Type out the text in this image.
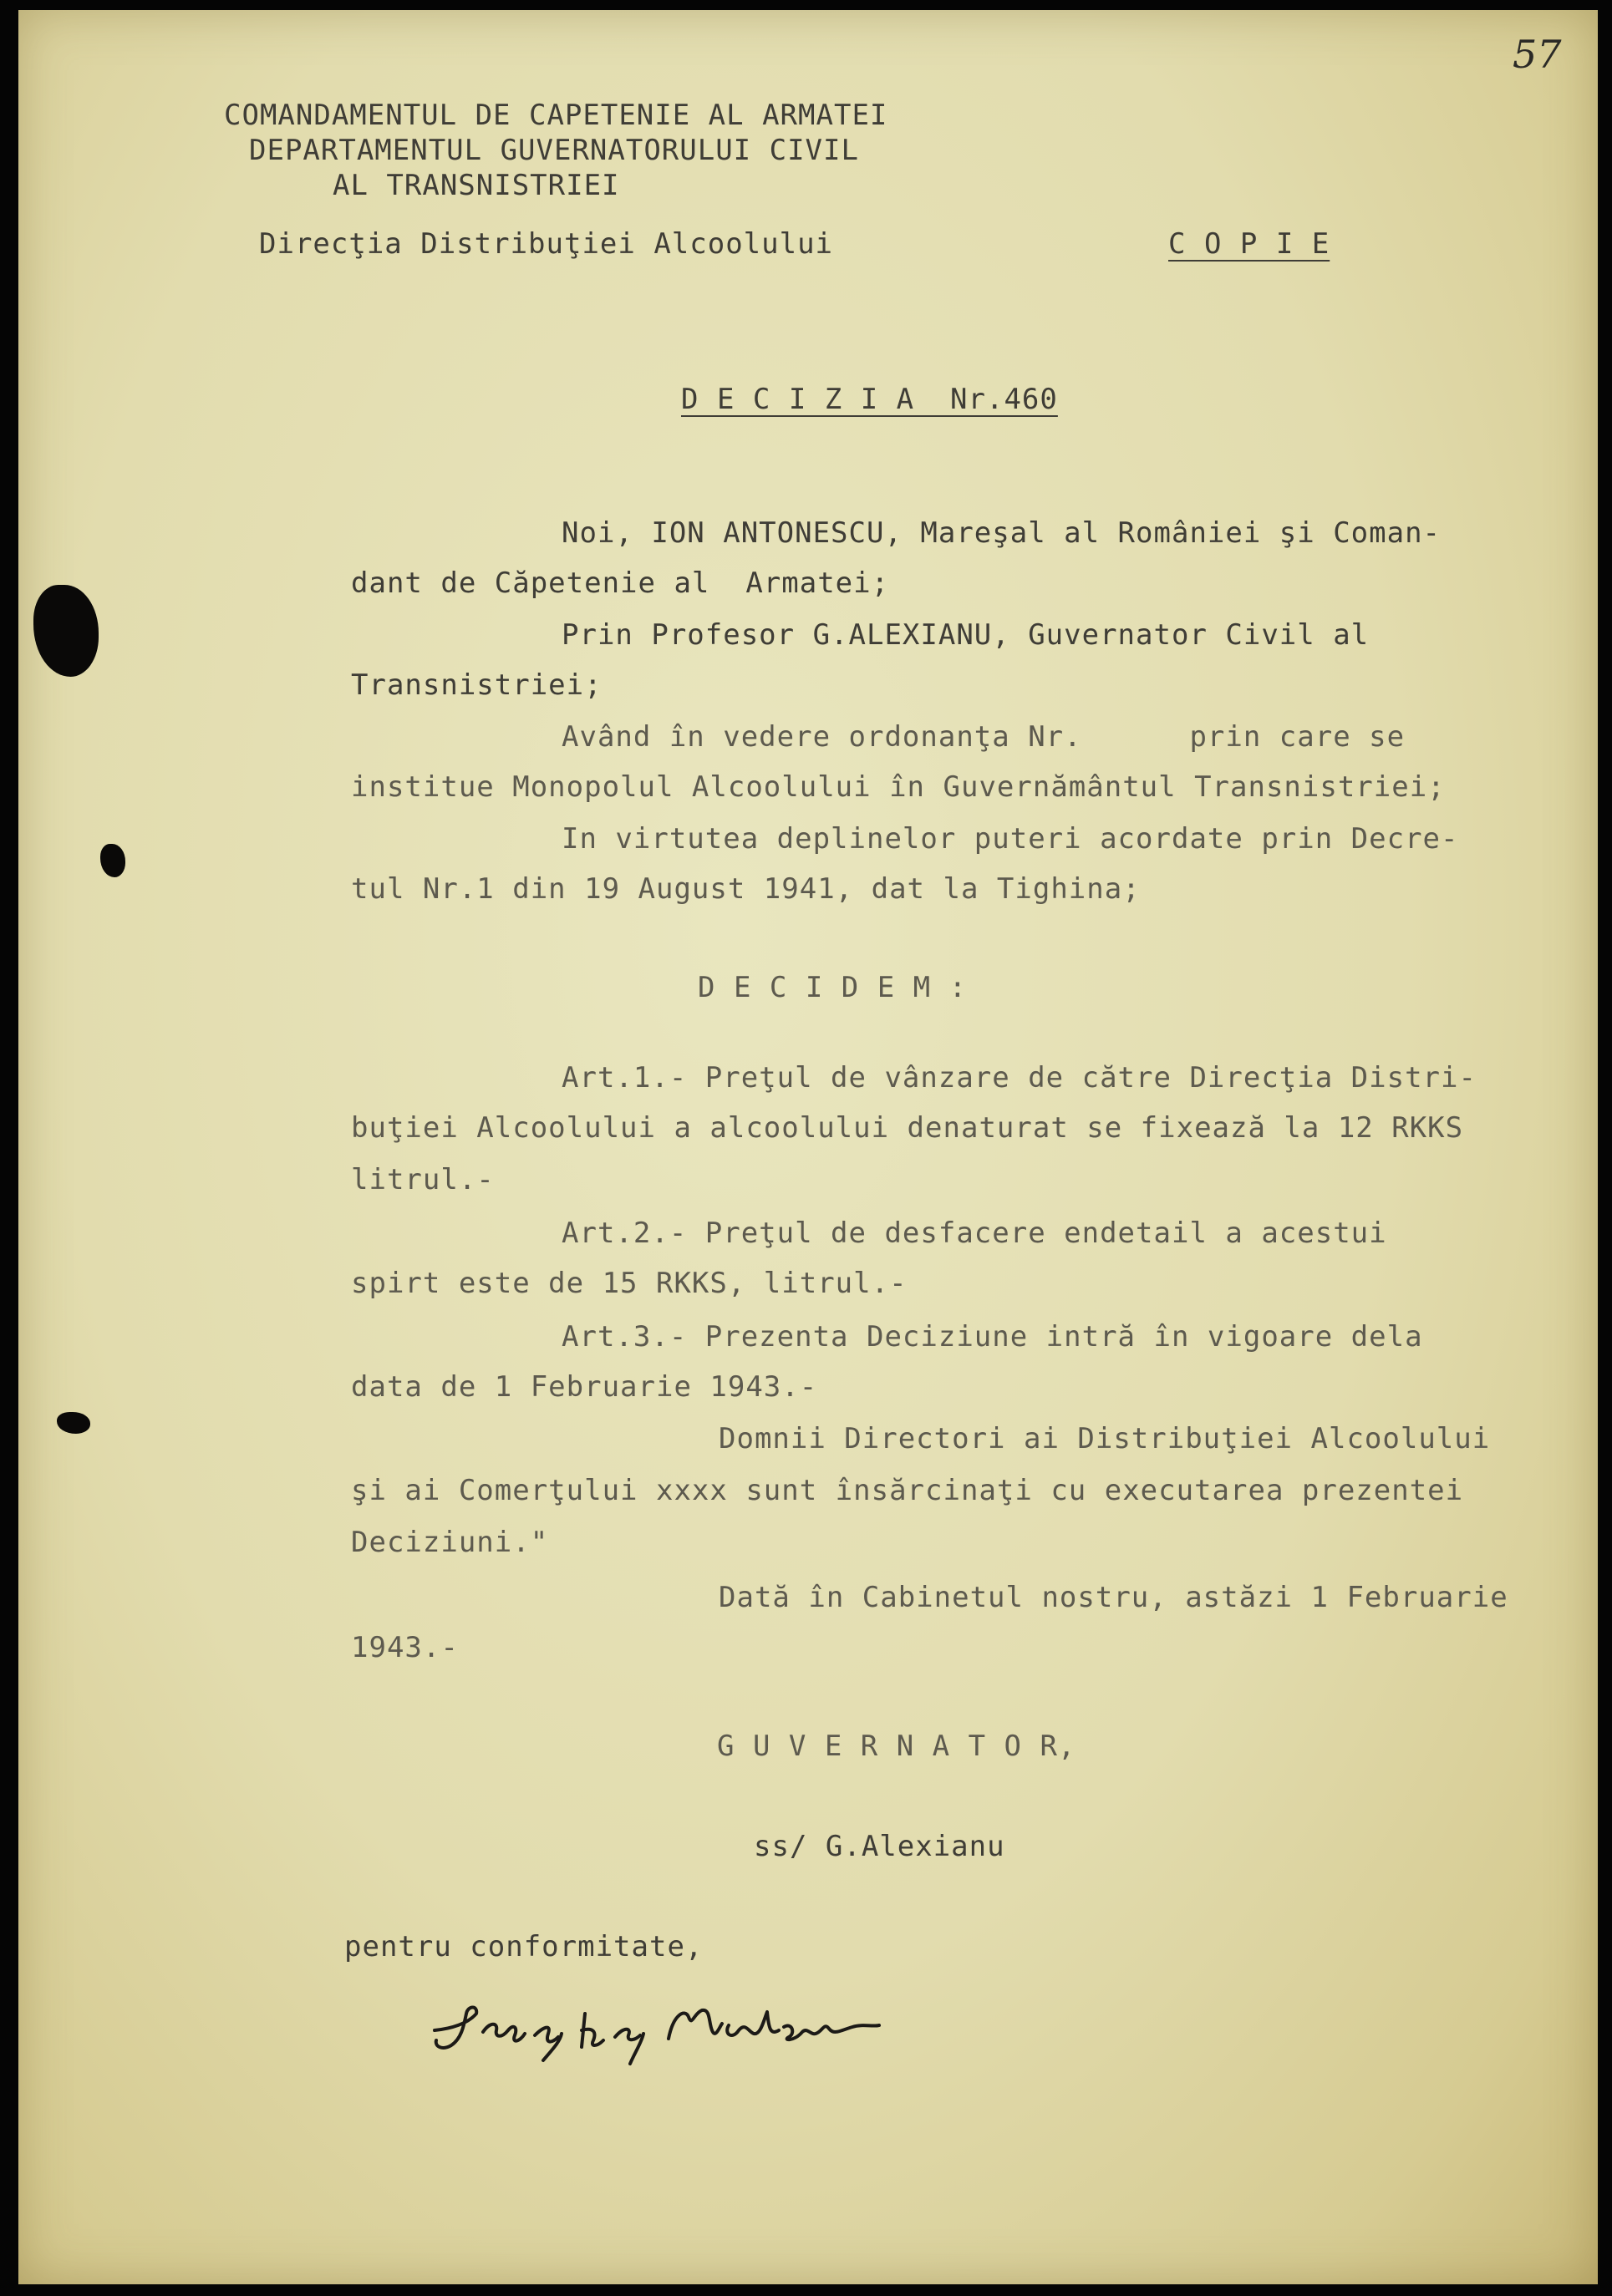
57

COMANDAMENTUL DE CAPETENIE AL ARMATEI

DEPARTAMENTUL GUVERNATORULUI CIVIL

AL TRANSNISTRIEI

Direcţia Distribuţiei Alcoolului	C O P I E

D E C I Z I A  Nr.460

Noi, ION ANTONESCU, Mareşal al României şi Coman-

dant de Căpetenie al  Armatei;

Prin Profesor G.ALEXIANU, Guvernator Civil al

Transnistriei;

Având în vedere ordonanţa Nr.      prin care se

institue Monopolul Alcoolului în Guvernământul Transnistriei;

In virtutea deplinelor puteri acordate prin Decre-

tul Nr.1 din 19 August 1941, dat la Tighina;

D E C I D E M :

Art.1.- Preţul de vânzare de către Direcţia Distri-

buţiei Alcoolului a alcoolului denaturat se fixează la 12 RKKS

litrul.-

Art.2.- Preţul de desfacere endetail a acestui

spirt este de 15 RKKS, litrul.-

Art.3.- Prezenta Deciziune intră în vigoare dela

data de 1 Februarie 1943.-

Domnii Directori ai Distribuţiei Alcoolului

şi ai Comerţului xxxx sunt însărcinaţi cu executarea prezentei

Deciziuni."

Dată în Cabinetul nostru, astăzi 1 Februarie

1943.-

G U V E R N A T O R,

ss/ G.Alexianu

pentru conformitate,
